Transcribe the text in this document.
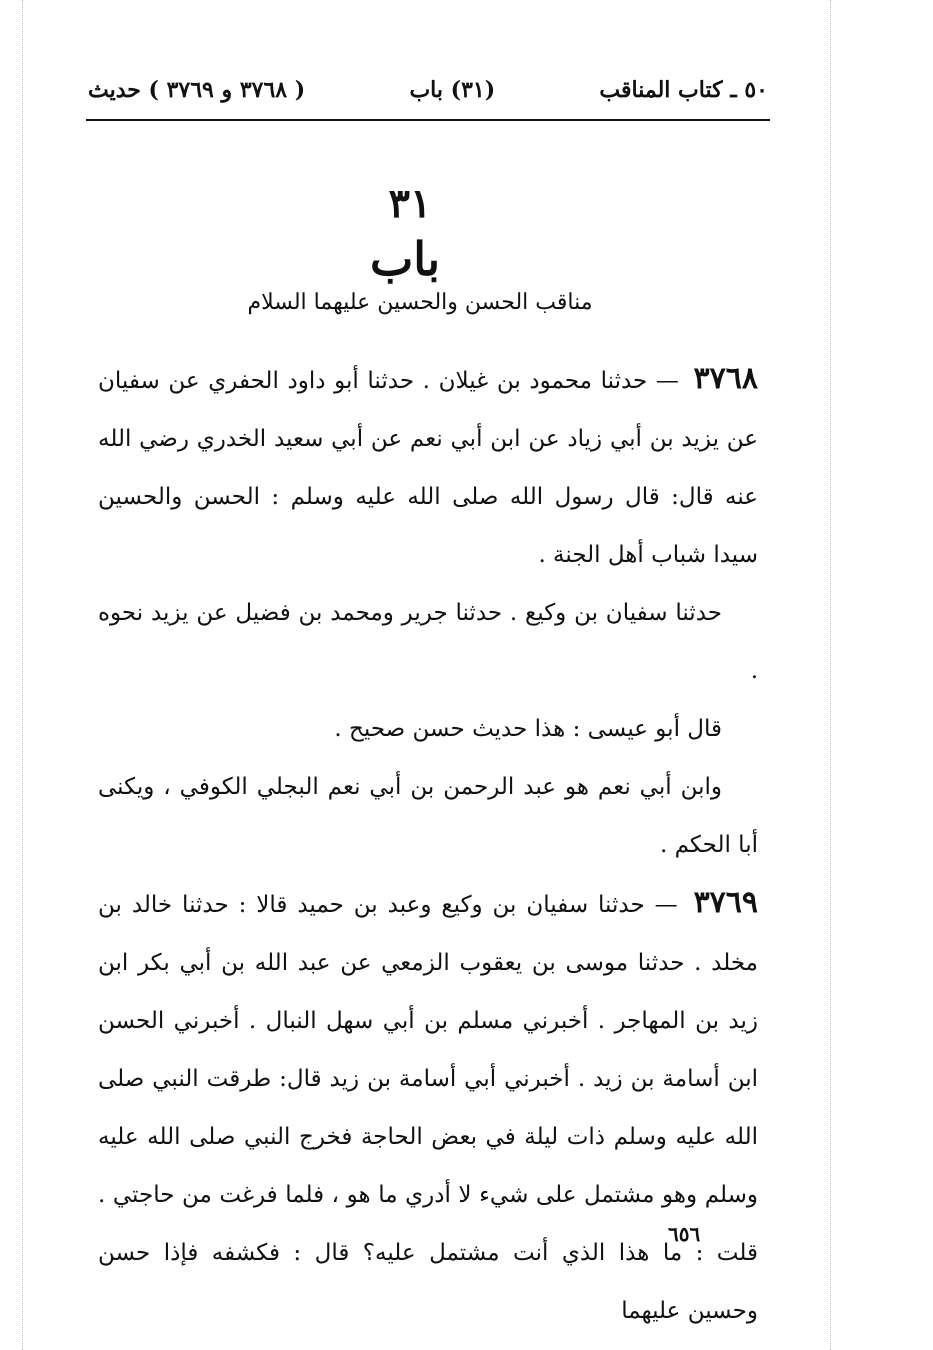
٥٠ ـ كتاب المناقب
(٣١) باب
( ٣٧٦٨ و ٣٧٦٩ ) حديث
٣١
باب
مناقب الحسن والحسين عليهما السلام

٣٧٦٨ — حدثنا محمود بن غيلان . حدثنا أبو داود الحفري عن سفيان عن يزيد بن أبي زياد عن ابن أبي نعم عن أبي سعيد الخدري رضي الله عنه قال: قال رسول الله صلى الله عليه وسلم : الحسن والحسين سيدا شباب أهل الجنة .

حدثنا سفيان بن وكيع . حدثنا جرير ومحمد بن فضيل عن يزيد نحوه .

قال أبو عيسى : هذا حديث حسن صحيح .

وابن أبي نعم هو عبد الرحمن بن أبي نعم البجلي الكوفي ، ويكنى أبا الحكم .

٣٧٦٩ — حدثنا سفيان بن وكيع وعبد بن حميد قالا : حدثنا خالد بن مخلد . حدثنا موسى بن يعقوب الزمعي عن عبد الله بن أبي بكر ابن زيد بن المهاجر . أخبرني مسلم بن أبي سهل النبال . أخبرني الحسن ابن أسامة بن زيد . أخبرني أبي أسامة بن زيد قال: طرقت النبي صلى الله عليه وسلم ذات ليلة في بعض الحاجة فخرج النبي صلى الله عليه وسلم وهو مشتمل على شيء لا أدري ما هو ، فلما فرغت من حاجتي . قلت : ما هذا الذي أنت مشتمل عليه؟ قال : فكشفه فإذا حسن وحسين عليهما

٦٥٦
